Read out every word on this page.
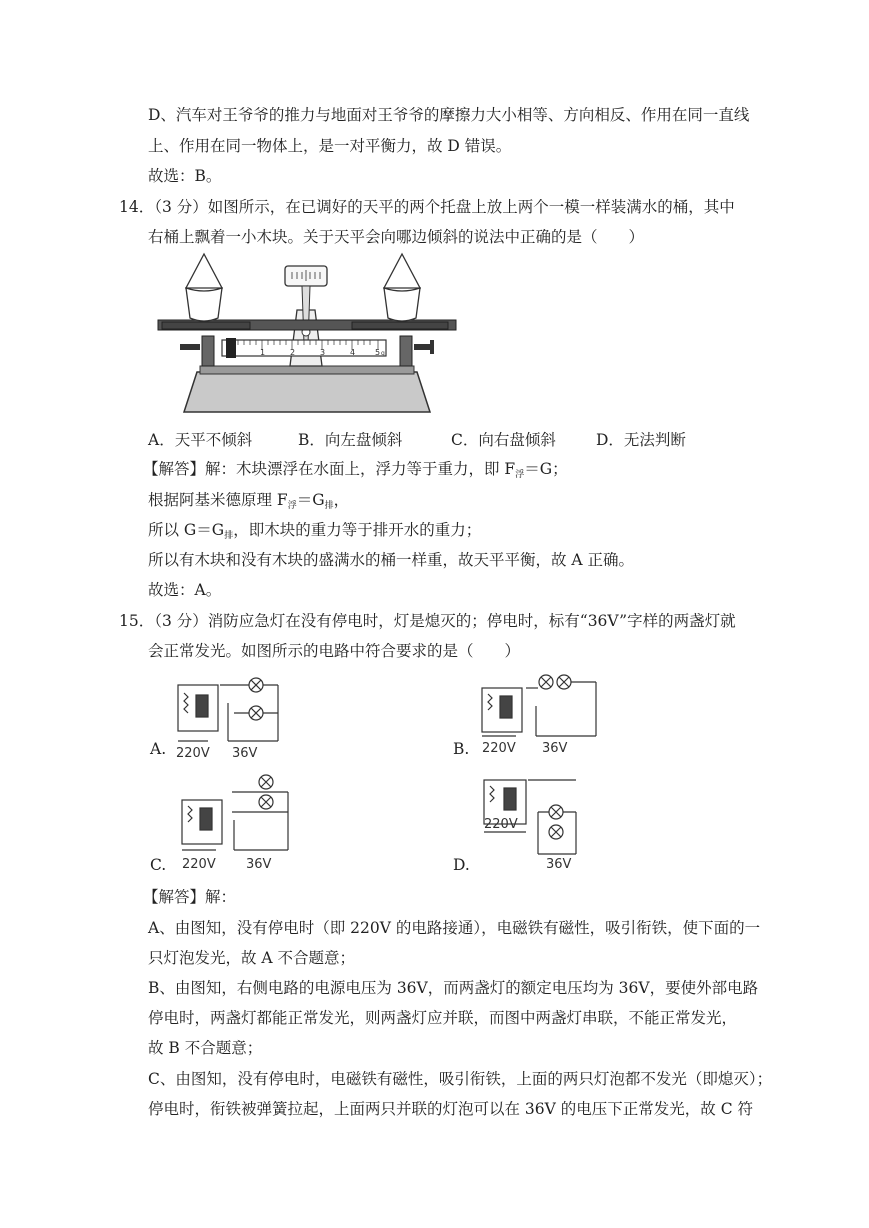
D、汽车对王爷爷的推力与地面对王爷爷的摩擦力大小相等、方向相反、作用在同一直线
上、作用在同一物体上，是一对平衡力，故 D 错误。
故选：B。
14．（3 分）如图所示，在已调好的天平的两个托盘上放上两个一模一样装满水的桶，其中
右桶上飘着一小木块。关于天平会向哪边倾斜的说法中正确的是（　　）
1	2	3	4 5 g
A．天平不倾斜	B．向左盘倾斜	C．向右盘倾斜	D．无法判断
【解答】解：木块漂浮在水面上，浮力等于重力，即 $F_浮=G$；
根据阿基米德原理 $F_浮=G_排$，
所以 $G=G_排$，即木块的重力等于排开水的重力；
所以有木块和没有木块的盛满水的桶一样重，故天平平衡，故 A 正确。
故选：A。
15．（3 分）消防应急灯在没有停电时，灯是熄灭的；停电时，标有“36V”字样的两盏灯就
会正常发光。如图所示的电路中符合要求的是（　　）
220V 36V
A.	220V 36V
B.
220V 36V
C.
220V
36V
D.
【解答】解：
A、由图知，没有停电时（即 220V 的电路接通），电磁铁有磁性，吸引衔铁，使下面的一
只灯泡发光，故 A 不合题意；
B、由图知，右侧电路的电源电压为 36V，而两盏灯的额定电压均为 36V，要使外部电路
停电时，两盏灯都能正常发光，则两盏灯应并联，而图中两盏灯串联，不能正常发光，
故 B 不合题意；
C、由图知，没有停电时，电磁铁有磁性，吸引衔铁，上面的两只灯泡都不发光（即熄灭）；
停电时，衔铁被弹簧拉起，上面两只并联的灯泡可以在 36V 的电压下正常发光，故 C 符
